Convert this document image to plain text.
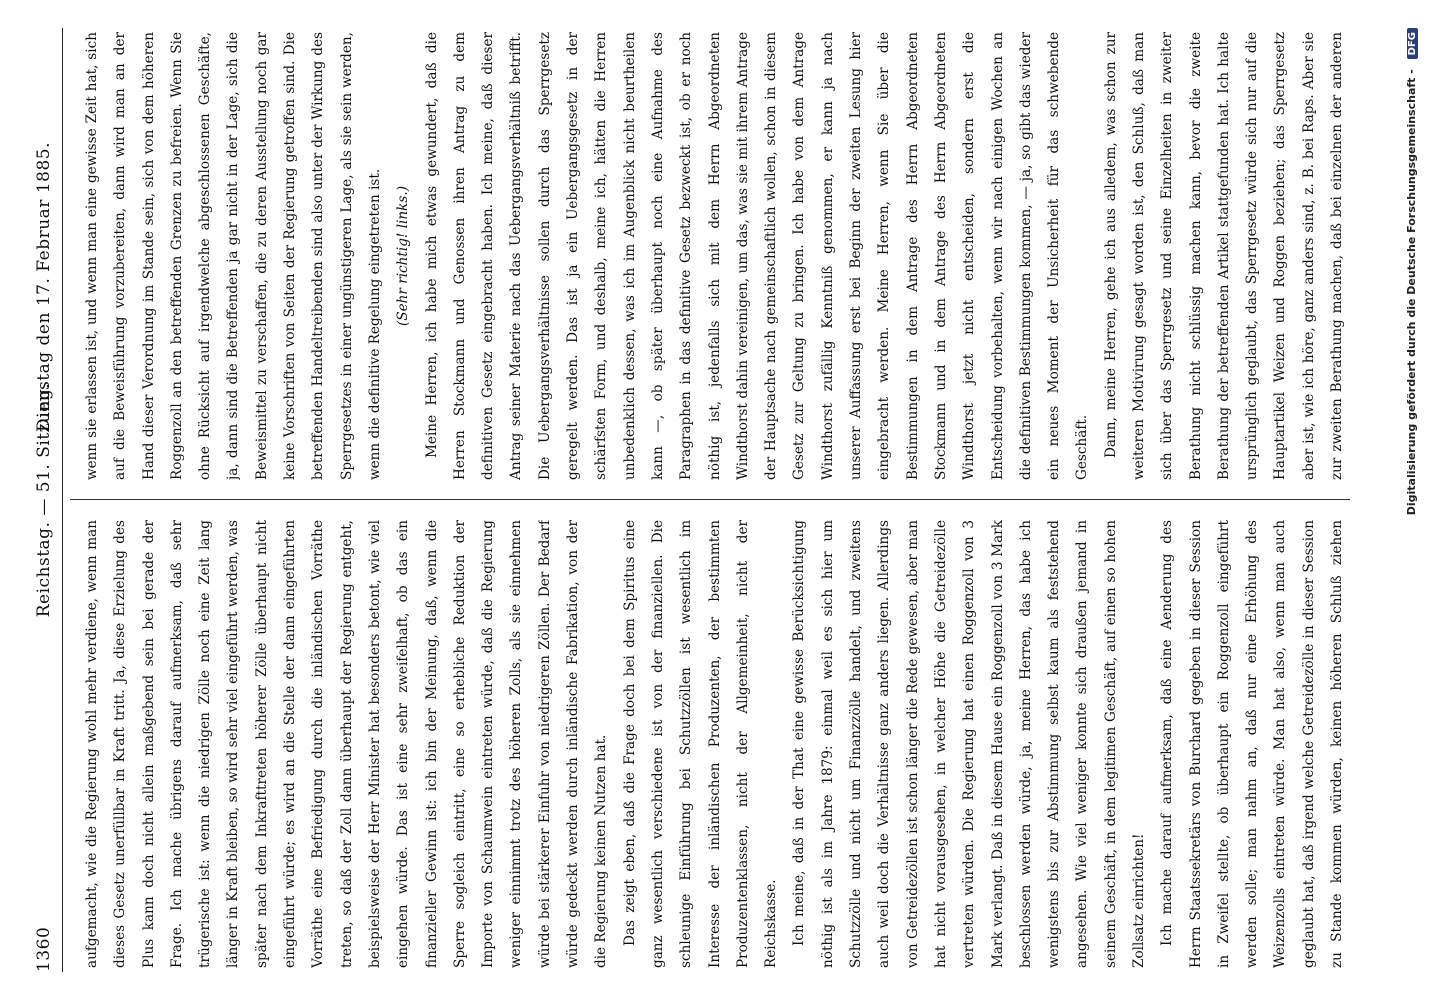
1360
Reichstag. — 51. Sitzung.
Dienstag den 17. Februar 1885.

aufgemacht, wie die Regierung wohl mehr verdiene, wenn man dieses Gesetz unerfüllbar in Kraft tritt. Ja, diese Erzielung des Plus kann doch nicht allein maßgebend sein bei gerade der Frage. Ich mache übrigens darauf aufmerksam, daß sehr trügerische ist: wenn die niedrigen Zölle noch eine Zeit lang länger in Kraft bleiben, so wird sehr viel eingeführt werden, was später nach dem Inkrafttreten höherer Zölle überhaupt nicht eingeführt würde; es wird an die Stelle der dann eingeführten Vorräthe eine Befriedigung durch die inländischen Vorräthe treten, so daß der Zoll dann überhaupt der Regierung entgeht, beispielsweise der Herr Minister hat besonders betont, wie viel eingehen würde. Das ist eine sehr zweifelhaft, ob das ein finanzieller Gewinn ist: ich bin der Meinung, daß, wenn die Sperre sogleich eintritt, eine so erhebliche Reduktion der Importe von Schaumwein eintreten würde, daß die Regierung weniger einnimmt trotz des höheren Zolls, als sie einnehmen würde bei stärkerer Einfuhr von niedrigeren Zöllen. Der Bedarf würde gedeckt werden durch inländische Fabrikation, von der die Regierung keinen Nutzen hat. Das zeigt eben, daß die Frage doch bei dem Spiritus eine ganz wesentlich verschiedene ist von der finanziellen. Die schleunige Einführung bei Schutzzöllen ist wesentlich im Interesse der inländischen Produzenten, der bestimmten Produzentenklassen, nicht der Allgemeinheit, nicht der Reichskasse. Ich meine, daß in der That eine gewisse Berücksichtigung nöthig ist als im Jahre 1879: einmal weil es sich hier um Schutzzölle und nicht um Finanzzölle handelt, und zweitens auch weil doch die Verhältnisse ganz anders liegen. Allerdings von Getreidezöllen ist schon länger die Rede gewesen, aber man hat nicht vorausgesehen, in welcher Höhe die Getreidezölle vertreten würden. Die Regierung hat einen Roggenzoll von 3 Mark verlangt. Daß in diesem Hause ein Roggenzoll von 3 Mark beschlossen werden würde, ja, meine Herren, das habe ich wenigstens bis zur Abstimmung selbst kaum als feststehend angesehen. Wie viel weniger konnte sich draußen jemand in seinem Geschäft, in dem legitimen Geschäft, auf einen so hohen Zollsatz einrichten! Ich mache darauf aufmerksam, daß eine Aenderung des Herrn Staatssekretärs von Burchard gegeben in dieser Session in Zweifel stellte, ob überhaupt ein Roggenzoll eingeführt werden solle; man nahm an, daß nur eine Erhöhung des Weizenzolls eintreten würde. Man hat also, wenn man auch geglaubt hat, daß irgend welche Getreidezölle in dieser Session zu Stande kommen würden, keinen höheren Schluß ziehen

wenn sie erlassen ist, und wenn man eine gewisse Zeit hat, sich auf die Beweisführung vorzubereiten, dann wird man an der Hand dieser Verordnung im Stande sein, sich von dem höheren Roggenzoll an den betreffenden Grenzen zu befreien. Wenn Sie ohne Rücksicht auf irgendwelche abgeschlossenen Geschäfte, ja, dann sind die Betreffenden ja gar nicht in der Lage, sich die Beweismittel zu verschaffen, die zu deren Ausstellung noch gar keine Vorschriften von Seiten der Regierung getroffen sind. Die betreffenden Handeltreibenden sind also unter der Wirkung des Sperrgesetzes in einer ungünstigeren Lage, als sie sein werden, wenn die definitive Regelung eingetreten ist. (Sehr richtig! links.) Meine Herren, ich habe mich etwas gewundert, daß die Herren Stockmann und Genossen ihren Antrag zu dem definitiven Gesetz eingebracht haben. Ich meine, daß dieser Antrag seiner Materie nach das Uebergangsverhältniß betrifft. Die Uebergangsverhältnisse sollen durch das Sperrgesetz geregelt werden. Das ist ja ein Uebergangsgesetz in der schärfsten Form, und deshalb, meine ich, hätten die Herren unbedenklich dessen, was ich im Augenblick nicht beurtheilen kann —, ob später überhaupt noch eine Aufnahme des Paragraphen in das definitive Gesetz bezweckt ist, ob er noch nöthig ist, jedenfalls sich mit dem Herrn Abgeordneten Windthorst dahin vereinigen, um das, was sie mit ihrem Antrage der Hauptsache nach gemeinschaftlich wollen, schon in diesem Gesetz zur Geltung zu bringen. Ich habe von dem Antrage Windthorst zufällig Kenntniß genommen, er kann ja nach unserer Auffassung erst bei Beginn der zweiten Lesung hier eingebracht werden. Meine Herren, wenn Sie über die Bestimmungen in dem Antrage des Herrn Abgeordneten Stockmann und in dem Antrage des Herrn Abgeordneten Windthorst jetzt nicht entscheiden, sondern erst die Entscheidung vorbehalten, wenn wir nach einigen Wochen an die definitiven Bestimmungen kommen, — ja, so gibt das wieder ein neues Moment der Unsicherheit für das schwebende Geschäft. Dann, meine Herren, gehe ich aus alledem, was schon zur weiteren Motivirung gesagt worden ist, den Schluß, daß man sich über das Sperrgesetz und seine Einzelheiten in zweiter Berathung nicht schlüssig machen kann, bevor die zweite Berathung der betreffenden Artikel stattgefunden hat. Ich halte ursprünglich geglaubt, das Sperrgesetz würde sich nur auf die Hauptartikel Weizen und Roggen beziehen; das Sperrgesetz aber ist, wie ich höre, ganz anders sind, z. B. bei Raps. Aber sie zur zweiten Berathung machen, daß bei einzelnen der anderen

Digitalisierung gefördert durch die Deutsche Forschungsgemeinschaft - DFG
